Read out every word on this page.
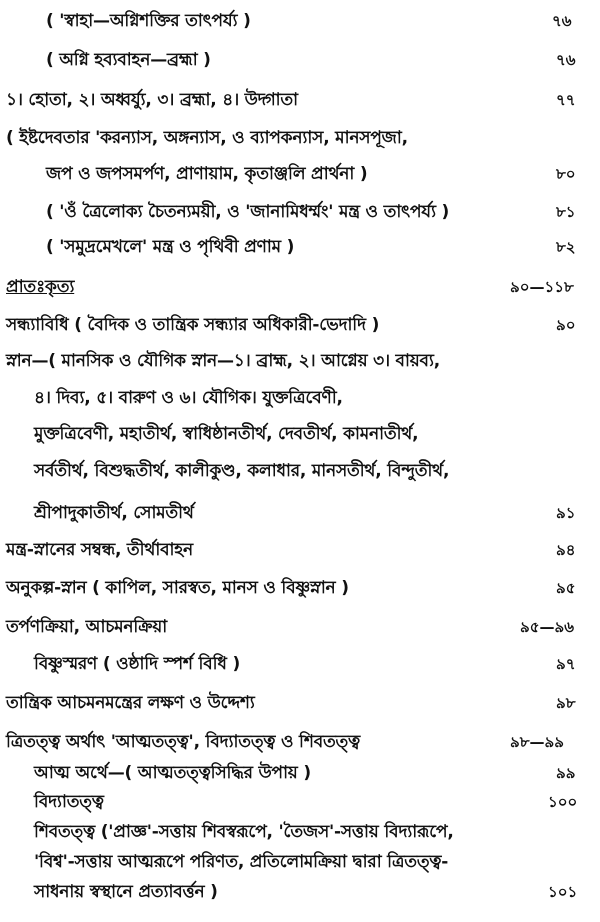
( 'স্বাহা—অগ্নিশক্তির তাৎপর্য্য )	৭৬
( অগ্নি হব্যবাহন—ব্রহ্মা )	৭৬
১। হোতা, ২। অধ্বর্য্যু, ৩। ব্রহ্মা, ৪। উদ্গাতা	৭৭
( ইষ্টদেবতার 'করন্যাস, অঙ্গন্যাস, ও ব্যাপকন্যাস, মানসপূজা,
জপ ও জপসমর্পণ, প্রাণায়াম, কৃতাঞ্জলি প্রার্থনা )	৮০
( 'ওঁ ত্রৈলোক্য চৈতন্যময়ী, ও 'জানামিধর্ম্মং' মন্ত্র ও তাৎপর্য্য )	৮১
( 'সমুদ্রমেখলে' মন্ত্র ও পৃথিবী প্রণাম )	৮২
প্রাতঃকৃত্য	৯০—১১৮
সন্ধ্যাবিধি ( বৈদিক ও তান্ত্রিক সন্ধ্যার অধিকারী-ভেদাদি )	৯০
স্নান—( মানসিক ও যৌগিক স্নান—১। ব্রাহ্ম, ২। আগ্নেয় ৩। বায়ব্য,
৪। দিব্য, ৫। বারুণ ও ৬। যৌগিক। যুক্তত্রিবেণী,
মুক্তত্রিবেণী, মহাতীর্থ, স্বাধিষ্ঠানতীর্থ, দেবতীর্থ, কামনাতীর্থ,
সর্বতীর্থ, বিশুদ্ধতীর্থ, কালীকুণ্ড, কলাধার, মানসতীর্থ, বিন্দুতীর্থ,
শ্রীপাদুকাতীর্থ, সোমতীর্থ	৯১
মন্ত্র-স্নানের সম্বন্ধ, তীর্থাবাহন	৯৪
অনুকল্প-স্নান ( কাপিল, সারস্বত, মানস ও বিষ্ণুস্নান )	৯৫
তর্পণক্রিয়া, আচমনক্রিয়া	৯৫—৯৬
বিষ্ণুস্মরণ ( ওষ্ঠাদি স্পর্শ বিধি )	৯৭
তান্ত্রিক আচমনমন্ত্রের লক্ষণ ও উদ্দেশ্য	৯৮
ত্রিতত্ত্ব অর্থাৎ 'আত্মতত্ত্ব', বিদ্যাতত্ত্ব ও শিবতত্ত্ব	৯৮—৯৯
আত্ম অর্থে—( আত্মতত্ত্বসিদ্ধির উপায় )	৯৯
বিদ্যাতত্ত্ব	১০০
শিবতত্ত্ব ('প্রাজ্ঞ'-সত্তায় শিবস্বরূপে, 'তৈজস'-সত্তায় বিদ্যারূপে,
'বিশ্ব'-সত্তায় আত্মরূপে পরিণত, প্রতিলোমক্রিয়া দ্বারা ত্রিতত্ত্ব-
সাধনায় স্বস্থানে প্রত্যাবর্ত্তন )	১০১
